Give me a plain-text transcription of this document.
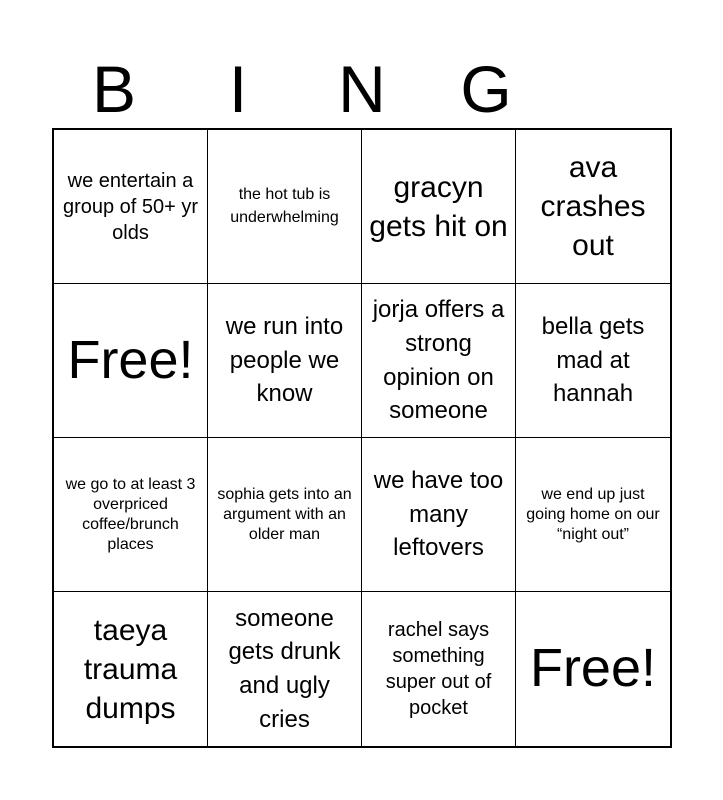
B	I	N	G
we entertain a group of 50+ yr olds
the hot tub is underwhelming
gracyn gets hit on
ava crashes out
Free!
we run into people we know
jorja offers a strong opinion on someone
bella gets mad at hannah
we go to at least 3 overpriced coffee/brunch places
sophia gets into an argument with an older man
we have too many leftovers
we end up just going home on our “night out”
taeya trauma dumps
someone gets drunk and ugly cries
rachel says something super out of pocket
Free!
